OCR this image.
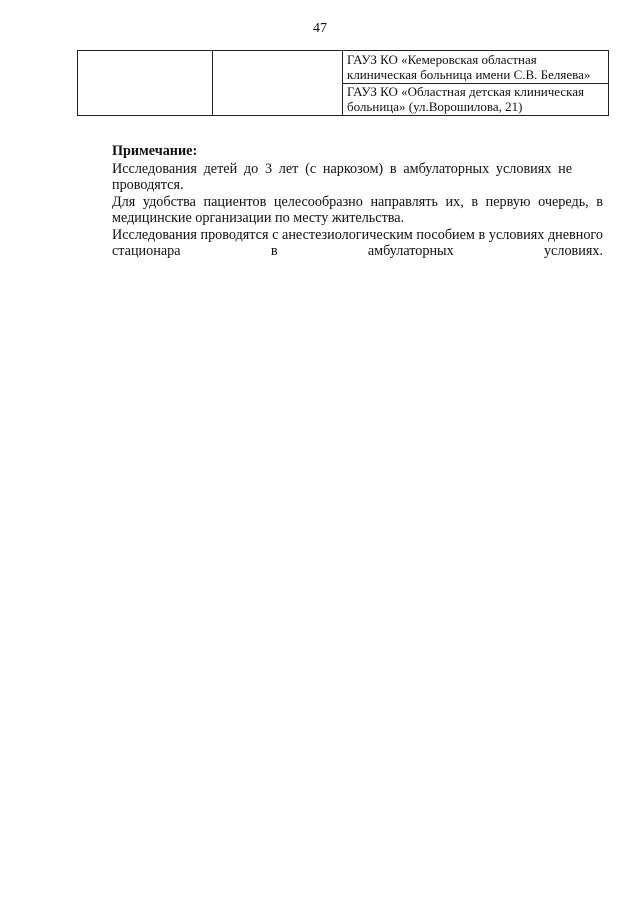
47
ГАУЗ КО «Кемеровская областная клиническая больница имени С.В. Беляева»
ГАУЗ КО «Областная детская клиническая больница» (ул.Ворошилова, 21)
Примечание:

Исследования детей до 3 лет (с наркозом) в амбулаторных условиях не проводятся.

Для удобства пациентов целесообразно направлять их, в первую очередь, в медицинские организации по месту жительства.

Исследования проводятся с анестезиологическим пособием в условиях дневного стационара в амбулаторных условиях.
